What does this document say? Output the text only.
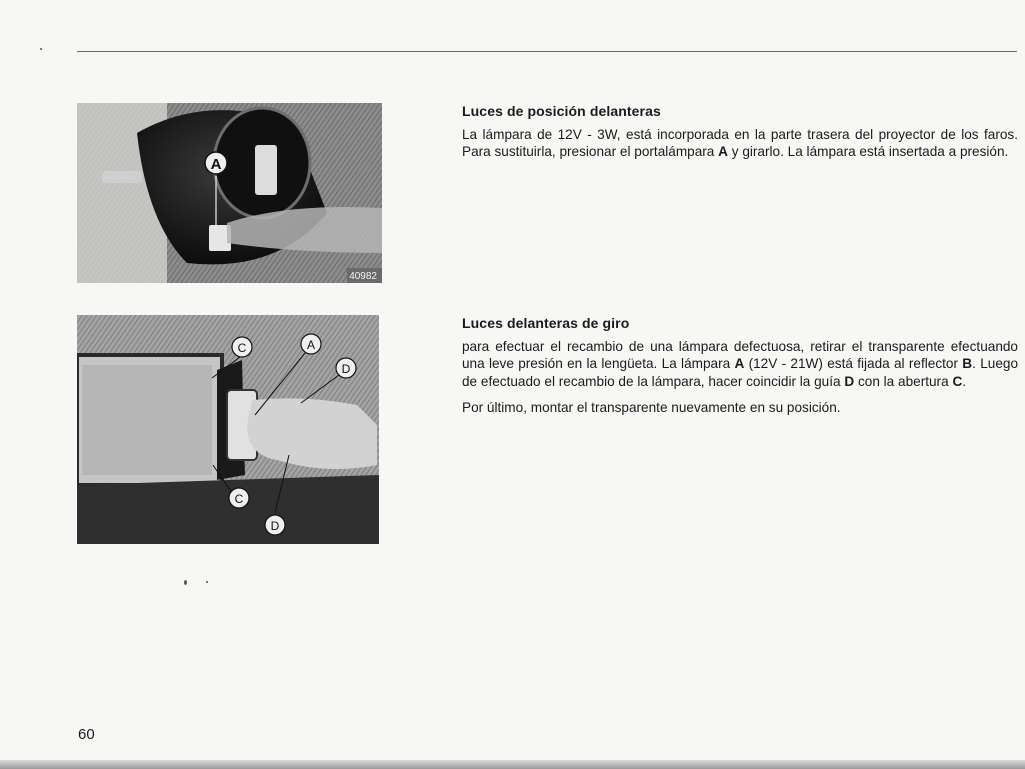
A
40982
C	A
D
C
D
Luces de posición delanteras

La lámpara de 12V - 3W, está incorporada en la parte trasera del proyector de los faros. Para sustituirla, presionar el portalámpara A y girarlo. La lámpara está insertada a presión.

Luces delanteras de giro

para efectuar el recambio de una lámpara defectuosa, retirar el transparente efectuando una leve presión en la lengüeta. La lámpara A (12V - 21W) está fijada al reflector B. Luego de efectuado el recambio de la lámpara, hacer coincidir la guía D con la abertura C.

Por último, montar el transparente nuevamente en su posición.

60
